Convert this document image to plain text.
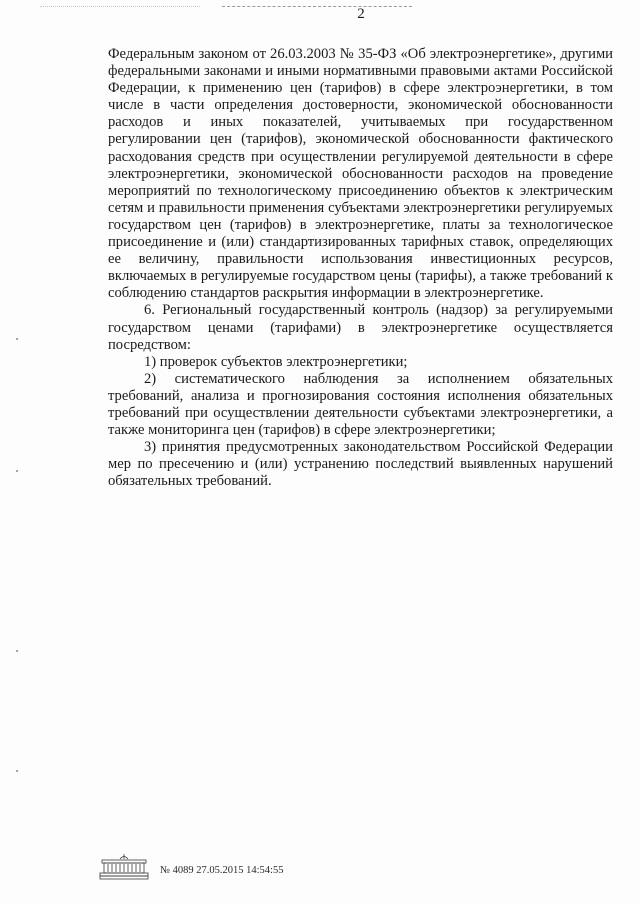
2

Федеральным законом от 26.03.2003 № 35-ФЗ «Об электроэнергетике», другими федеральными законами и иными нормативными правовыми актами Российской Федерации, к применению цен (тарифов) в сфере электроэнергетики, в том числе в части определения достоверности, экономической обоснованности расходов и иных показателей, учитываемых при государственном регулировании цен (тарифов), экономической обоснованности фактического расходования средств при осуществлении регулируемой деятельности в сфере электроэнергетики, экономической обоснованности расходов на проведение мероприятий по технологическому присоединению объектов к электрическим сетям и правильности применения субъектами электроэнергетики регулируемых государством цен (тарифов) в электроэнергетике, платы за технологическое присоединение и (или) стандартизированных тарифных ставок, определяющих ее величину, правильности использования инвестиционных ресурсов, включаемых в регулируемые государством цены (тарифы), а также требований к соблюдению стандартов раскрытия информации в электроэнергетике.

6. Региональный государственный контроль (надзор) за регулируемыми государством ценами (тарифами) в электроэнергетике осуществляется посредством:

1) проверок субъектов электроэнергетики;

2) систематического наблюдения за исполнением обязательных требований, анализа и прогнозирования состояния исполнения обязательных требований при осуществлении деятельности субъектами электроэнергетики, а также мониторинга цен (тарифов) в сфере электроэнергетики;

3) принятия предусмотренных законодательством Российской Федерации мер по пресечению и (или) устранению последствий выявленных нарушений обязательных требований.

№ 4089 27.05.2015 14:54:55
